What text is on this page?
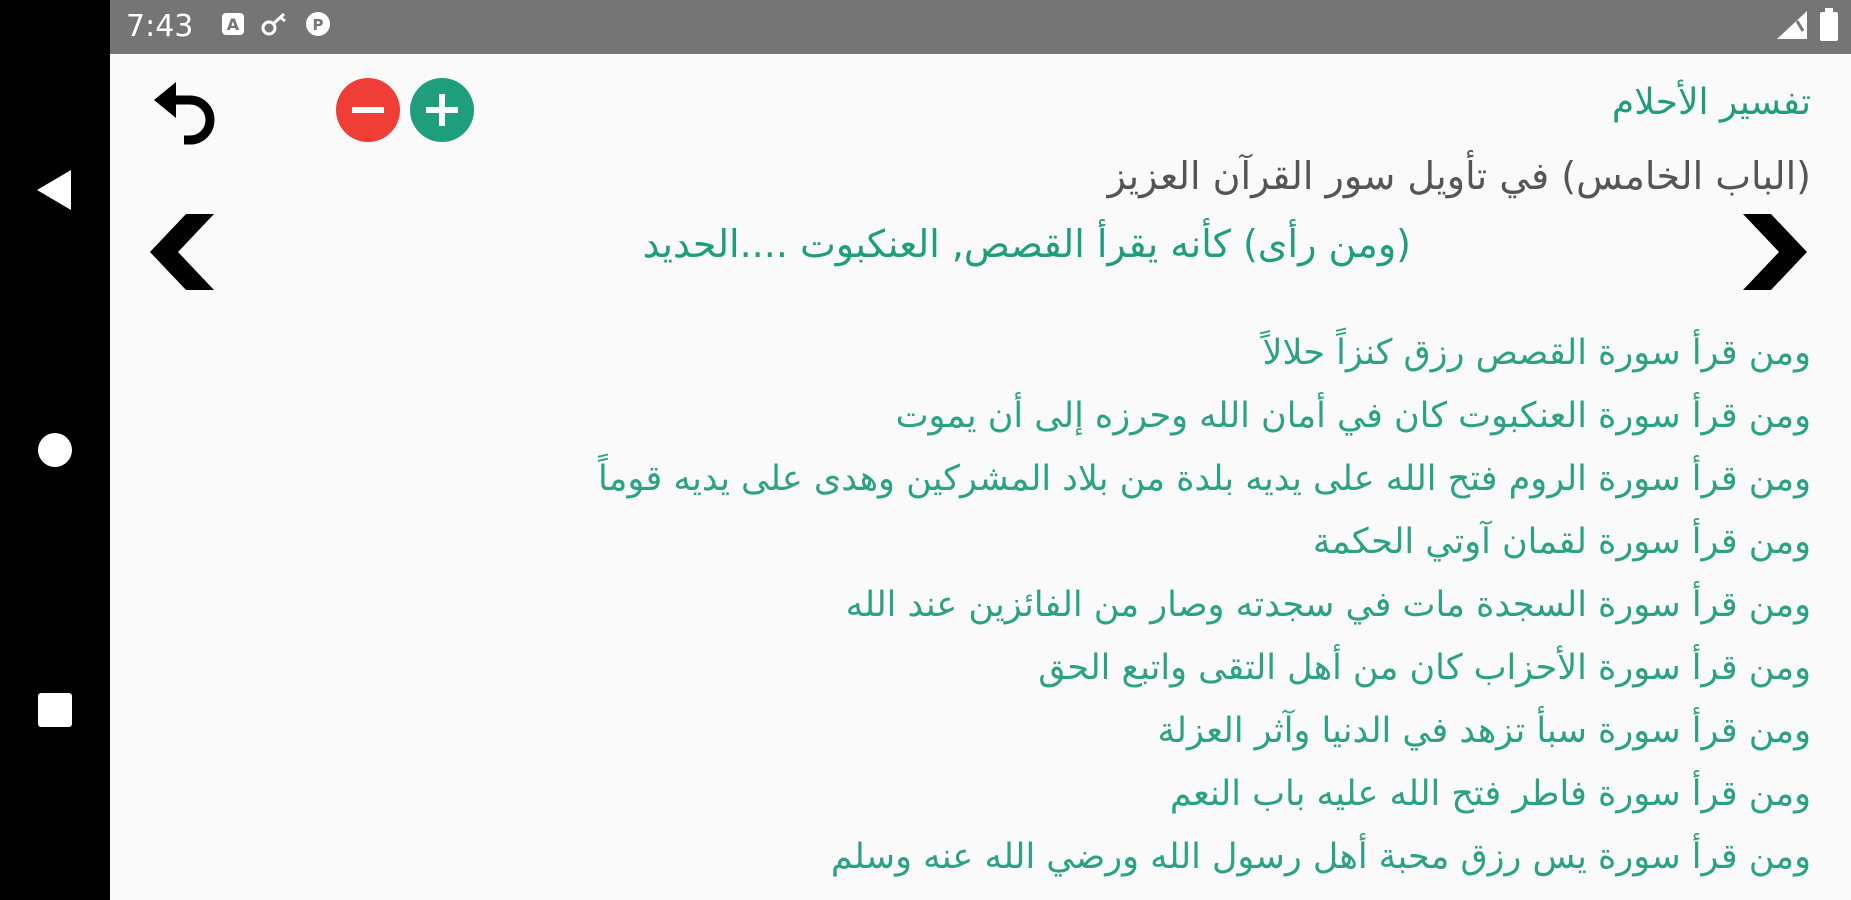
7:43 A	P
تفسير الأحلام
(الباب الخامس) في تأويل سور القرآن العزيز
(ومن رأى) كأنه يقرأ القصص, العنكبوت ....الحديد
ومن قرأ سورة القصص رزق كنزاً حلالاً
ومن قرأ سورة العنكبوت كان في أمان الله وحرزه إلى أن يموت
ومن قرأ سورة الروم فتح الله على يديه بلدة من بلاد المشركين وهدى على يديه قوماً
ومن قرأ سورة لقمان آوتي الحكمة
ومن قرأ سورة السجدة مات في سجدته وصار من الفائزين عند الله
ومن قرأ سورة الأحزاب كان من أهل التقى واتبع الحق
ومن قرأ سورة سبأ تزهد في الدنيا وآثر العزلة
ومن قرأ سورة فاطر فتح الله عليه باب النعم
ومن قرأ سورة يس رزق محبة أهل رسول الله ورضي الله عنه وسلم
